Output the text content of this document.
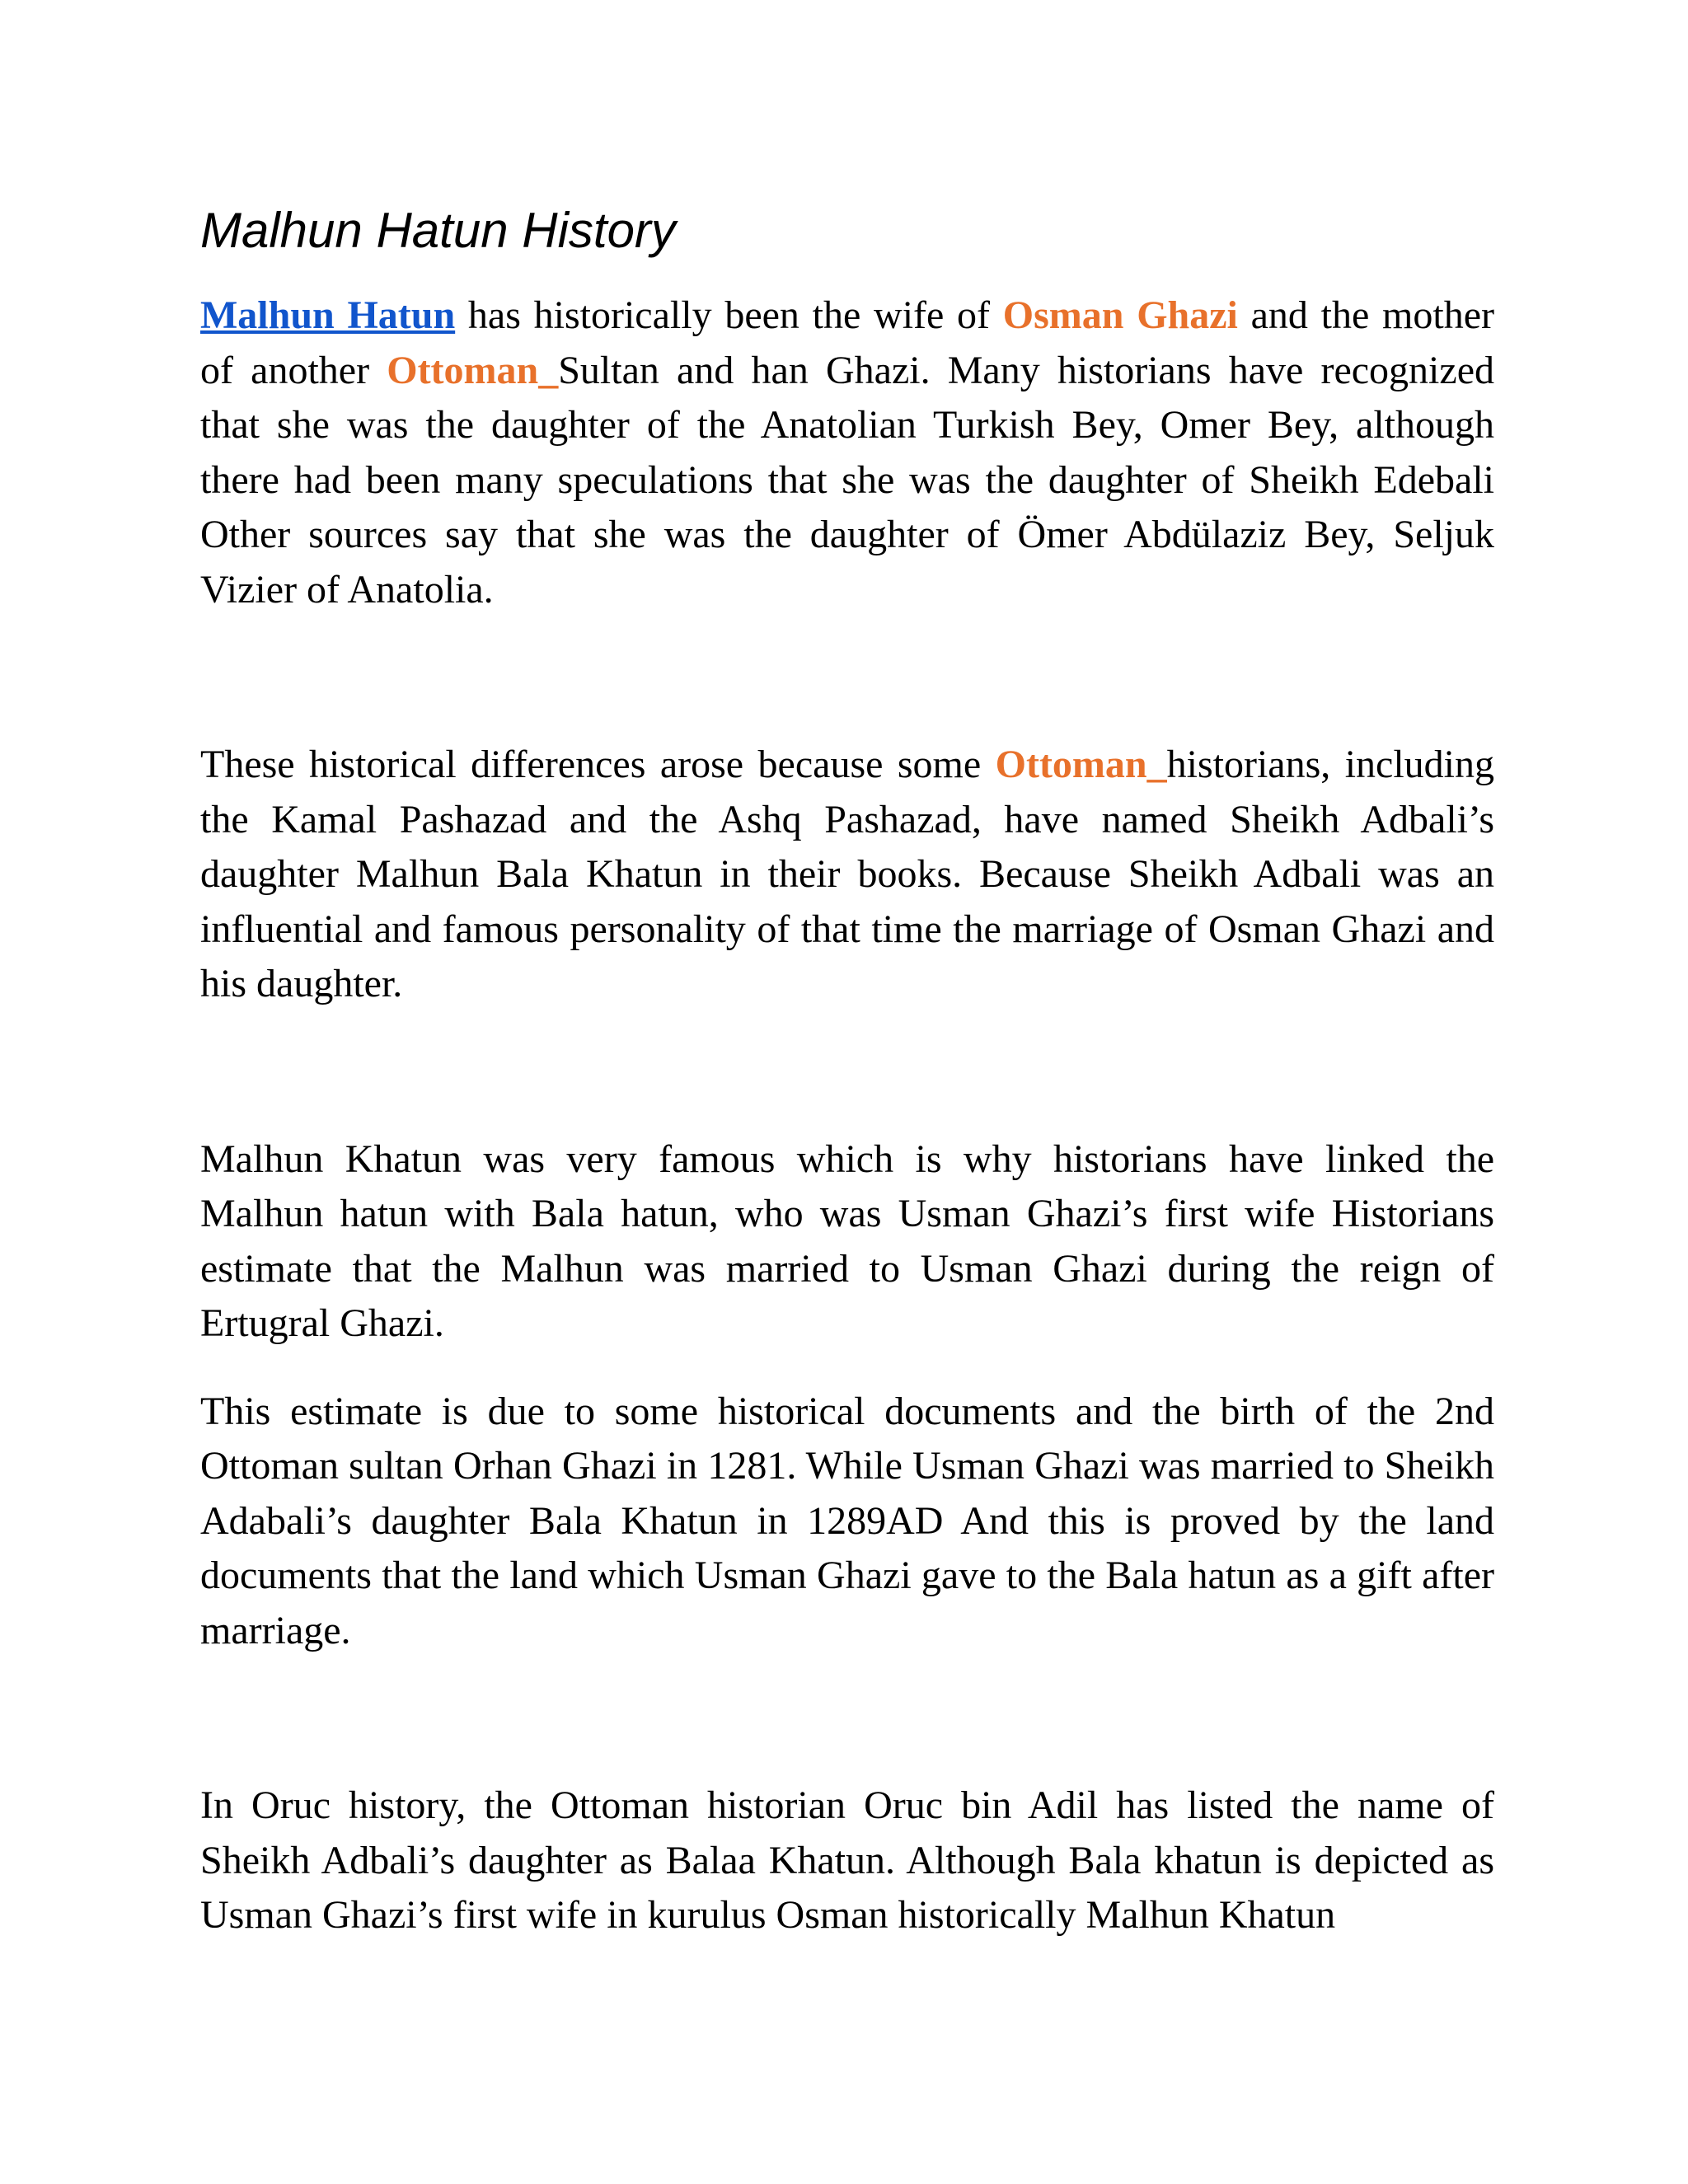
Malhun Hatun History

Malhun Hatun has historically been the wife of Osman Ghazi and the mother of another Ottoman_Sultan and han Ghazi. Many historians have recognized that she was the daughter of the Anatolian Turkish Bey, Omer Bey, although there had been many speculations that she was the daughter of Sheikh Edebali Other sources say that she was the daughter of Ömer Abdülaziz Bey, Seljuk Vizier of Anatolia.

These historical differences arose because some Ottoman_historians, including the Kamal Pashazad and the Ashq Pashazad, have named Sheikh Adbali’s daughter Malhun Bala Khatun in their books. Because Sheikh Adbali was an influential and famous personality of that time the marriage of Osman Ghazi and his daughter.

Malhun Khatun was very famous which is why historians have linked the Malhun hatun with Bala hatun, who was Usman Ghazi’s first wife Historians estimate that the Malhun was married to Usman Ghazi during the reign of Ertugral Ghazi.

This estimate is due to some historical documents and the birth of the 2nd Ottoman sultan Orhan Ghazi in 1281. While Usman Ghazi was married to Sheikh Adabali’s daughter Bala Khatun in 1289AD And this is proved by the land documents that the land which Usman Ghazi gave to the Bala hatun as a gift after marriage.

In Oruc history, the Ottoman historian Oruc bin Adil has listed the name of Sheikh Adbali’s daughter as Balaa Khatun. Although Bala khatun is depicted as Usman Ghazi’s first wife in kurulus Osman historically Malhun Khatun
